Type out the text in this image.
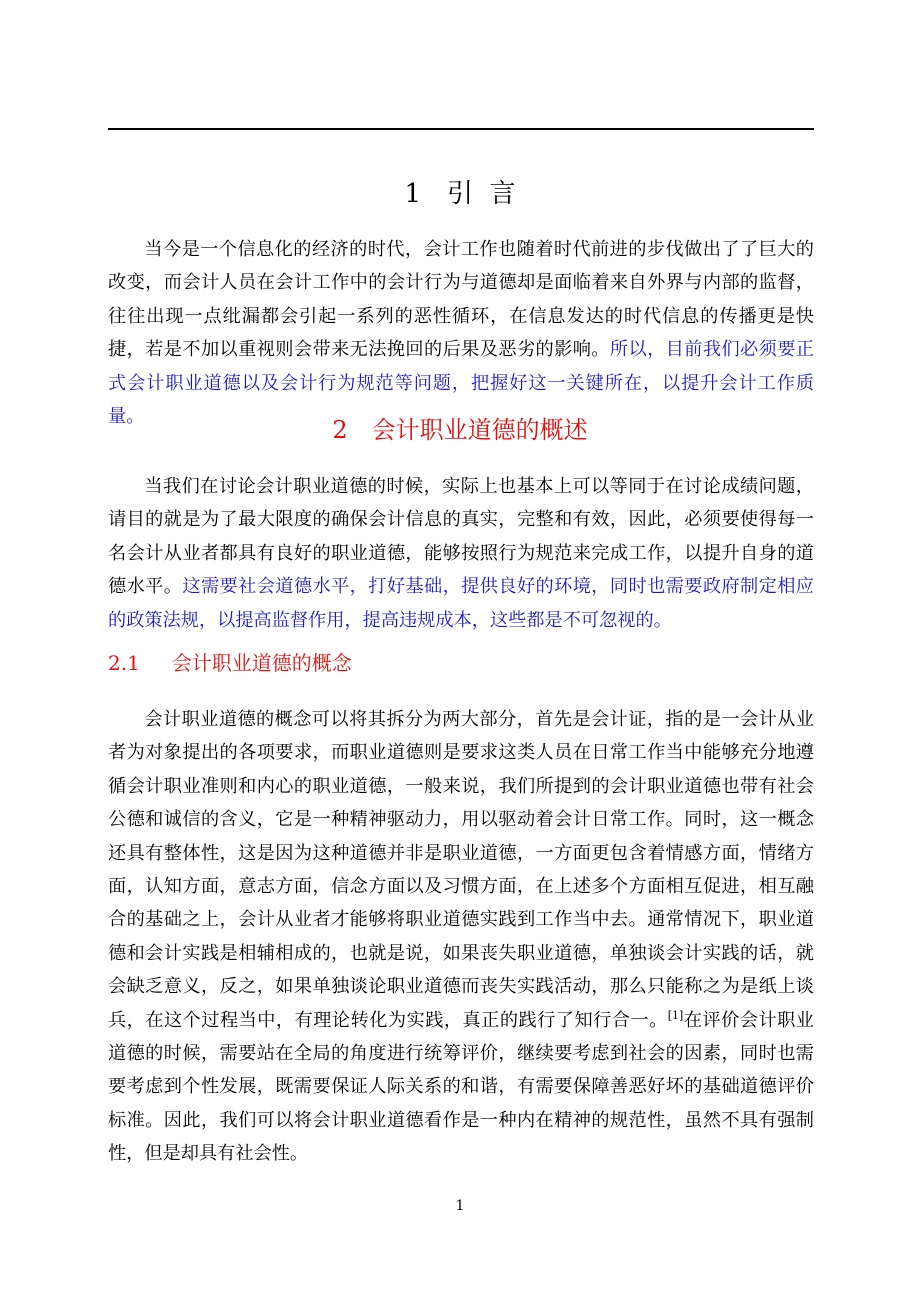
1 引  言

当今是一个信息化的经济的时代，会计工作也随着时代前进的步伐做出了了巨大的改变，而会计人员在会计工作中的会计行为与道德却是面临着来自外界与内部的监督，往往出现一点纰漏都会引起一系列的恶性循环，在信息发达的时代信息的传播更是快捷，若是不加以重视则会带来无法挽回的后果及恶劣的影响。所以，目前我们必须要正式会计职业道德以及会计行为规范等问题，把握好这一关键所在，以提升会计工作质量。	2 会计职业道德的概述

当我们在讨论会计职业道德的时候，实际上也基本上可以等同于在讨论成绩问题，请目的就是为了最大限度的确保会计信息的真实，完整和有效，因此，必须要使得每一名会计从业者都具有良好的职业道德，能够按照行为规范来完成工作，以提升自身的道德水平。这需要社会道德水平，打好基础，提供良好的环境，同时也需要政府制定相应的政策法规，以提高监督作用，提高违规成本，这些都是不可忽视的。

2.1 会计职业道德的概念

会计职业道德的概念可以将其拆分为两大部分，首先是会计证，指的是一会计从业者为对象提出的各项要求，而职业道德则是要求这类人员在日常工作当中能够充分地遵循会计职业准则和内心的职业道德，一般来说，我们所提到的会计职业道德也带有社会公德和诚信的含义，它是一种精神驱动力，用以驱动着会计日常工作。同时，这一概念还具有整体性，这是因为这种道德并非是职业道德，一方面更包含着情感方面，情绪方面，认知方面，意志方面，信念方面以及习惯方面，在上述多个方面相互促进，相互融合的基础之上，会计从业者才能够将职业道德实践到工作当中去。通常情况下，职业道德和会计实践是相辅相成的，也就是说，如果丧失职业道德，单独谈会计实践的话，就会缺乏意义，反之，如果单独谈论职业道德而丧失实践活动，那么只能称之为是纸上谈兵，在这个过程当中，有理论转化为实践，真正的践行了知行合一。[1]在评价会计职业道德的时候，需要站在全局的角度进行统筹评价，继续要考虑到社会的因素，同时也需要考虑到个性发展，既需要保证人际关系的和谐，有需要保障善恶好坏的基础道德评价标准。因此，我们可以将会计职业道德看作是一种内在精神的规范性，虽然不具有强制性，但是却具有社会性。

1
